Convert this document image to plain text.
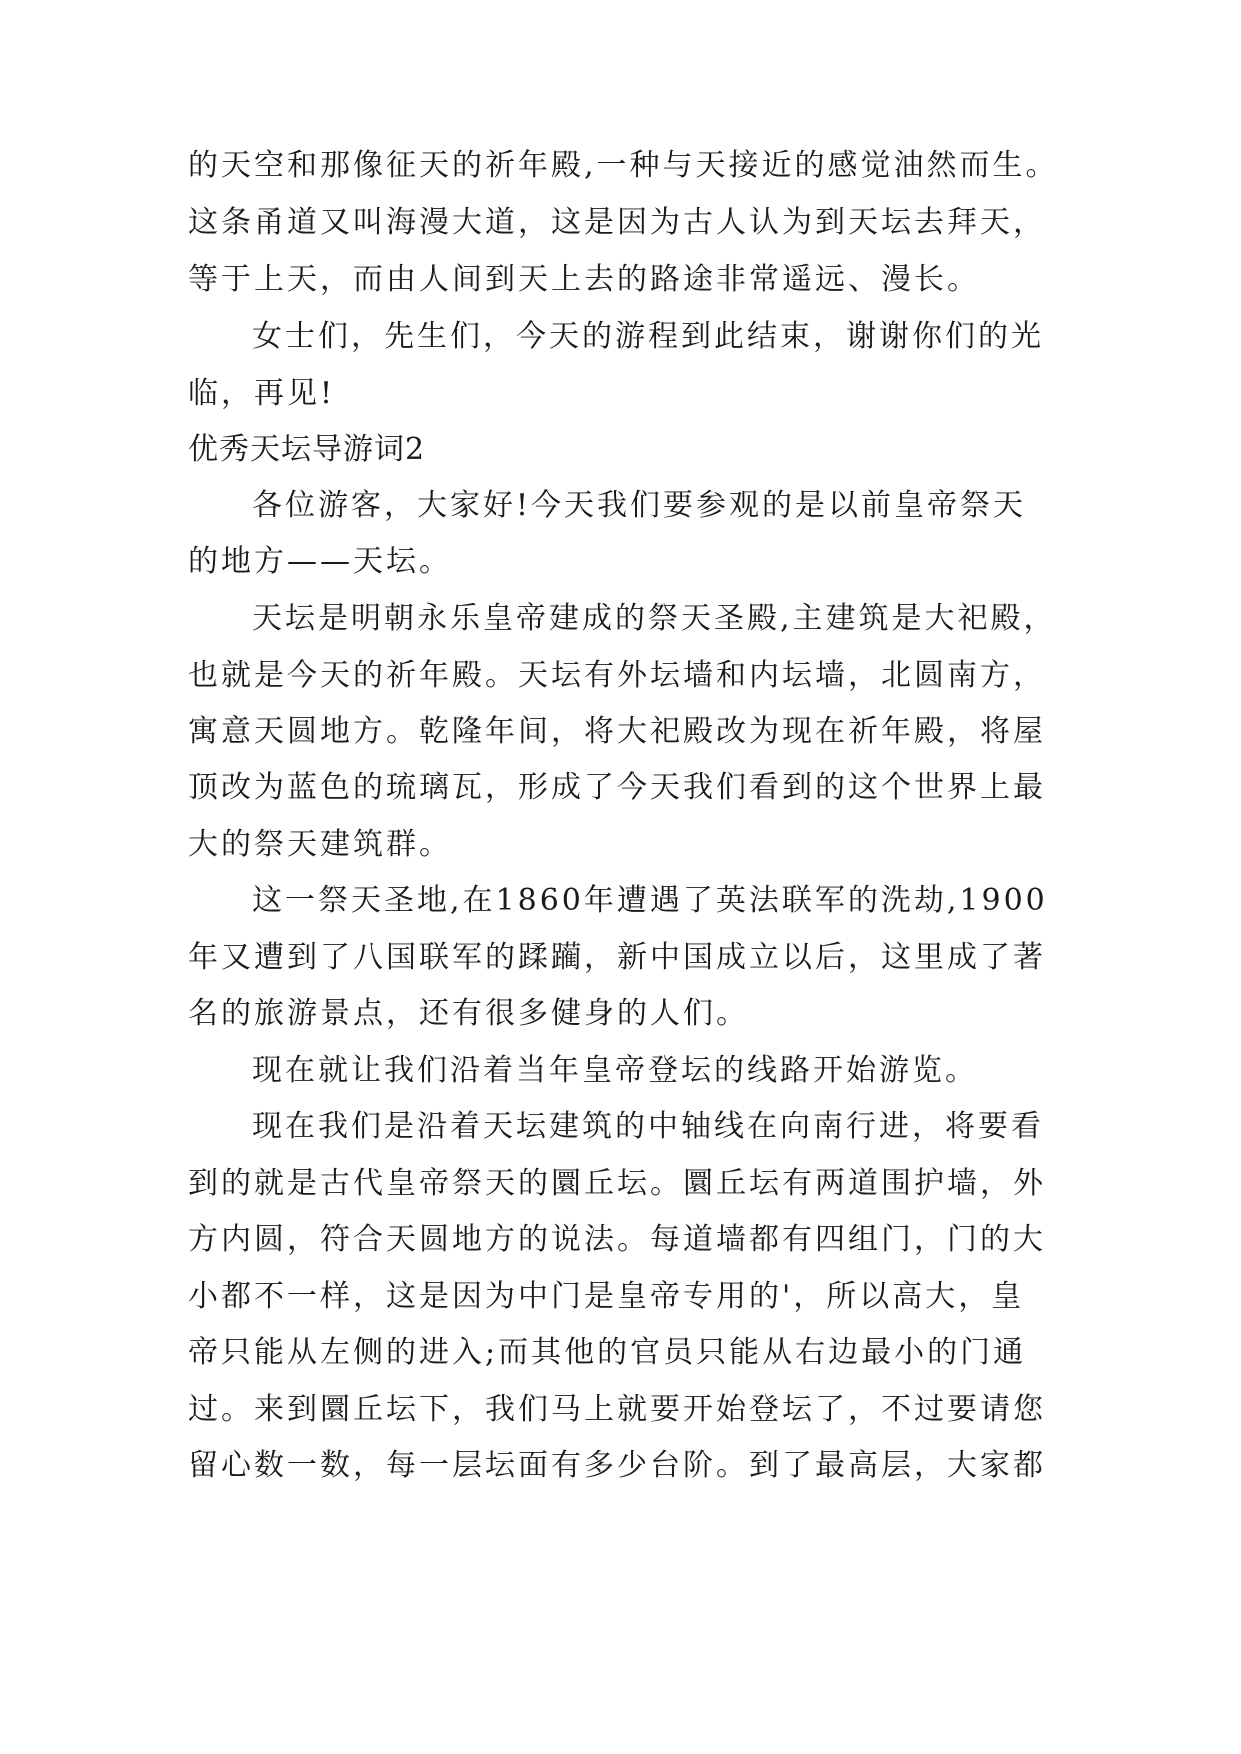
的天空和那像征天的祈年殿,一种与天接近的感觉油然而生。
这条甬道又叫海漫大道，这是因为古人认为到天坛去拜天，
等于上天，而由人间到天上去的路途非常遥远、漫长。
女士们，先生们，今天的游程到此结束，谢谢你们的光
临，再见!
优秀天坛导游词2
各位游客，大家好!今天我们要参观的是以前皇帝祭天
的地方——天坛。
天坛是明朝永乐皇帝建成的祭天圣殿,主建筑是大祀殿，
也就是今天的祈年殿。天坛有外坛墙和内坛墙，北圆南方，
寓意天圆地方。乾隆年间，将大祀殿改为现在祈年殿，将屋
顶改为蓝色的琉璃瓦，形成了今天我们看到的这个世界上最
大的祭天建筑群。
这一祭天圣地,在1860年遭遇了英法联军的洗劫,1900
年又遭到了八国联军的蹂躏，新中国成立以后，这里成了著
名的旅游景点，还有很多健身的人们。
现在就让我们沿着当年皇帝登坛的线路开始游览。
现在我们是沿着天坛建筑的中轴线在向南行进，将要看
到的就是古代皇帝祭天的圜丘坛。圜丘坛有两道围护墙，外
方内圆，符合天圆地方的说法。每道墙都有四组门，门的大
小都不一样，这是因为中门是皇帝专用的'，所以高大，皇
帝只能从左侧的进入;而其他的官员只能从右边最小的门通
过。来到圜丘坛下，我们马上就要开始登坛了，不过要请您
留心数一数，每一层坛面有多少台阶。到了最高层，大家都
